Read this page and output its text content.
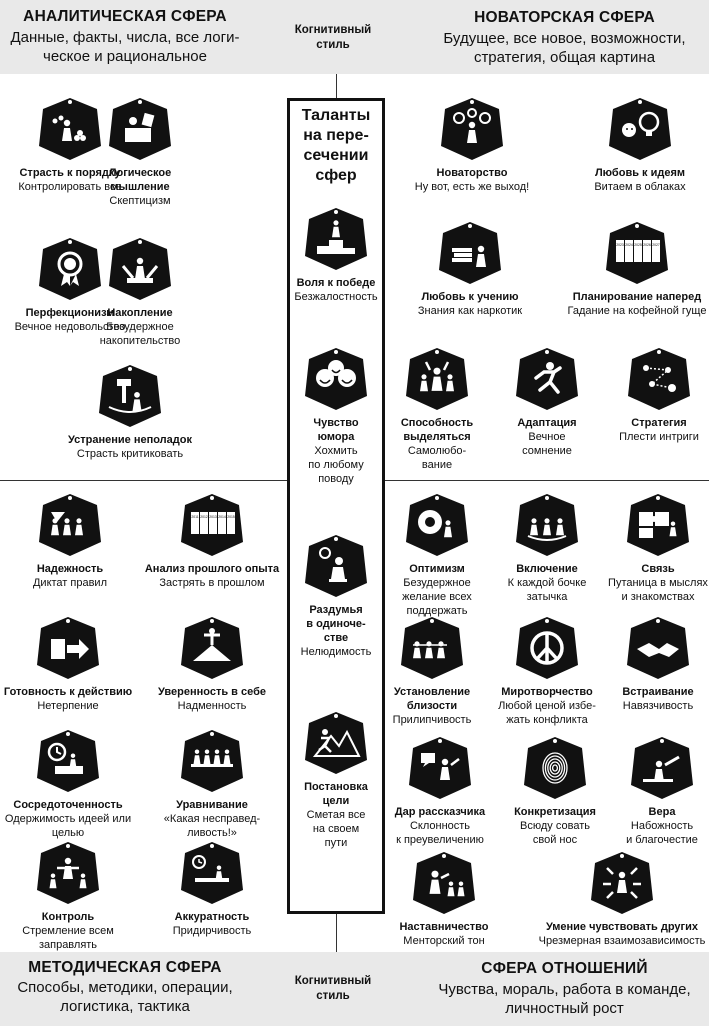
АНАЛИТИЧЕСКАЯ СФЕРА
Данные, факты, числа, все логи-
ческое и рациональное
НОВАТОРСКАЯ СФЕРА
Будущее, все новое, возможности,
стратегия, общая картина
Когнитивный
стиль
МЕТОДИЧЕСКАЯ СФЕРА
Способы, методики, операции,
логистика, тактика
СФЕРА ОТНОШЕНИЙ
Чувства, мораль, работа в команде,
личностный рост
Когнитивный
стиль
Таланты
на пере-
сечении
сфер
Страсть к порядку
Контролировать все
Логическое
мышление
Скептицизм
Перфекционизм
Вечное недовольство
Накопление
Безудержное
накопительство
Устранение неполадок
Страсть критиковать
Новаторство
Ну вот, есть же выход!
Любовь к идеям
Витаем в облаках
Любовь к учению
Знания как наркотик
2023 2024 2025 2026 2027
Планирование наперед
Гадание на кофейной гуще
Способность
выделяться
Самолюбо-
вание
Адаптация
Вечное
сомнение
Стратегия
Плести интриги
Надежность
Диктат правил
2011 2012 2013 2014 2015
Анализ прошлого опыта
Застрять в прошлом
Готовность к действию
Нетерпение
Уверенность в себе
Надменность
Сосредоточенность
Одержимость идеей или
целью
Уравнивание
«Какая несправед-
ливость!»
Контроль
Стремление всем
заправлять
Аккуратность
Придирчивость
Оптимизм
Безудержное
желание всех
поддержать
Включение
К каждой бочке
затычка
Связь
Путаница в мыслях
и знакомствах
Установление
близости
Прилипчивость
Миротворчество
Любой ценой избе-
жать конфликта
Встраивание
Навязчивость
Дар рассказчика
Склонность
к преувеличению
Конкретизация
Всюду совать
свой нос
Вера
Набожность
и благочестие
Наставничество
Менторский тон
Умение чувствовать других
Чрезмерная взаимозависимость
Воля к победе
Безжалостность
Чувство
юмора
Хохмить
по любому
поводу
Раздумья
в одиноче-
стве
Нелюдимость
Постановка
цели
Сметая все
на своем
пути
